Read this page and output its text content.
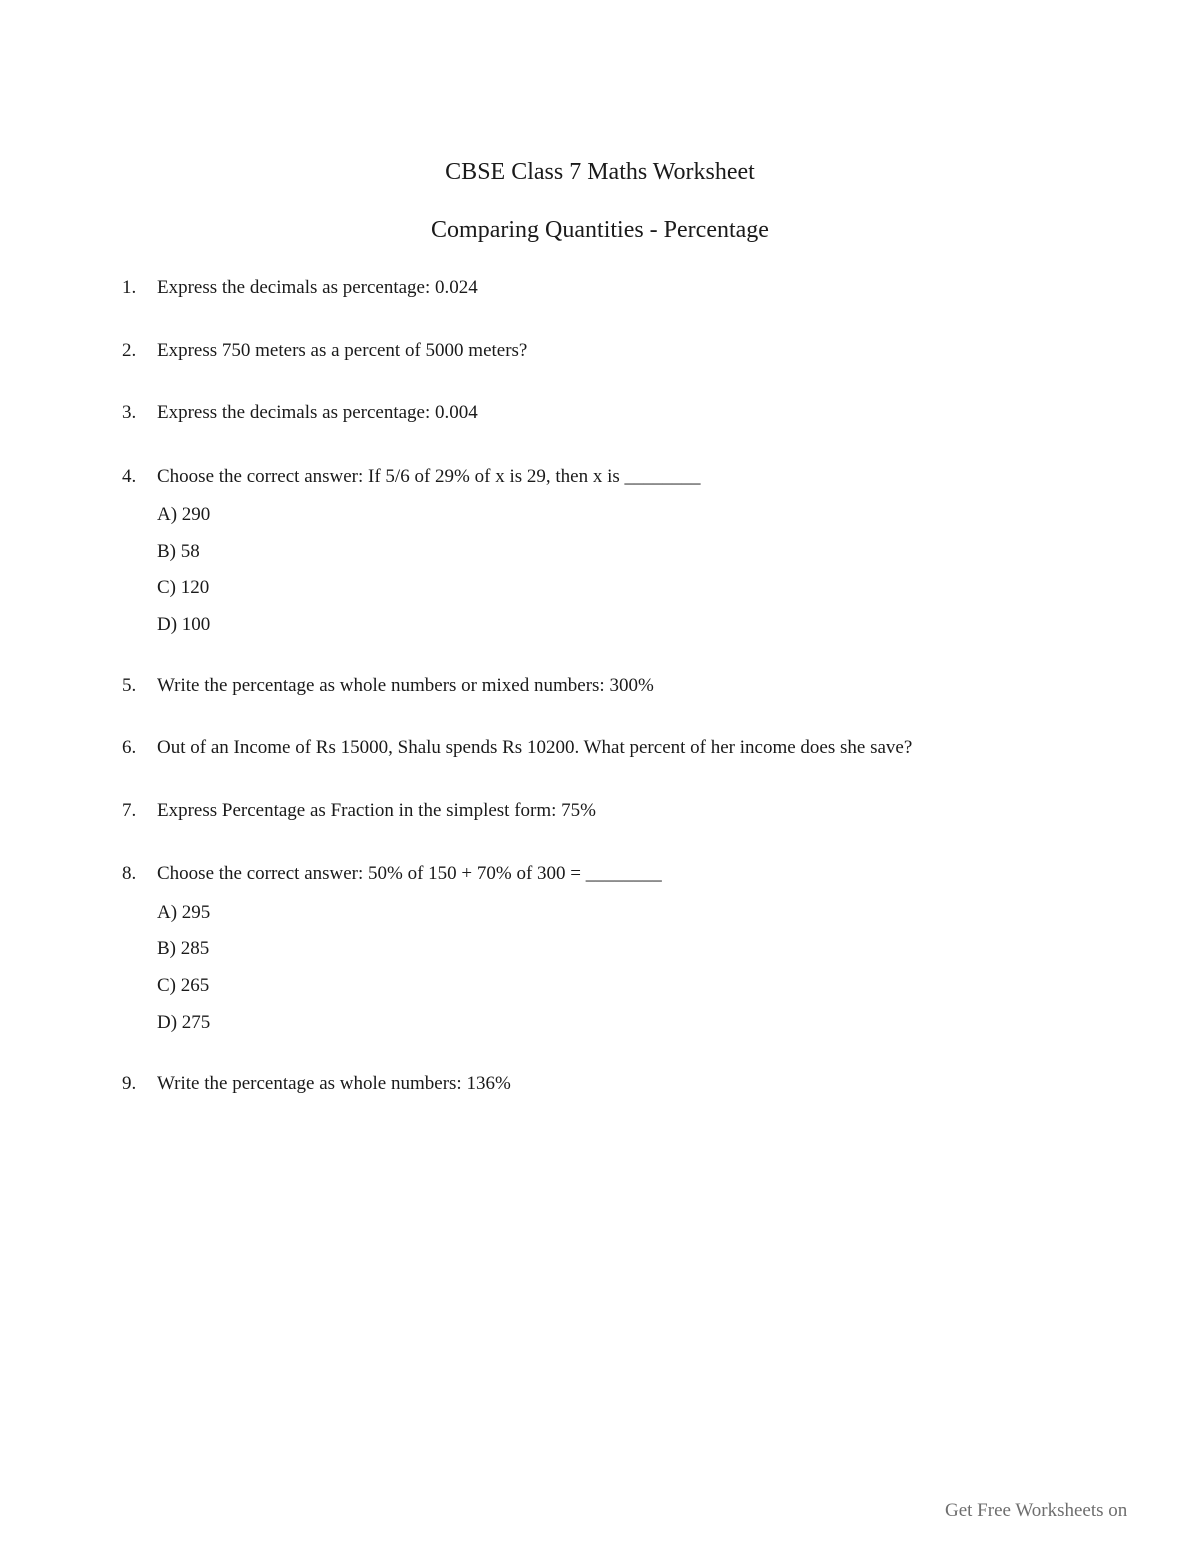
CBSE Class 7 Maths Worksheet
Comparing Quantities - Percentage
1. Express the decimals as percentage: 0.024
2. Express 750 meters as a percent of 5000 meters?
3. Express the decimals as percentage: 0.004
4. Choose the correct answer: If 5/6 of 29% of x is 29, then x is ________
A) 290
B) 58
C) 120
D) 100
5. Write the percentage as whole numbers or mixed numbers: 300%
6. Out of an Income of Rs 15000, Shalu spends Rs 10200. What percent of her income does she save?
7. Express Percentage as Fraction in the simplest form: 75%
8. Choose the correct answer: 50% of 150 + 70% of 300 = ________
A) 295
B) 285
C) 265
D) 275
9. Write the percentage as whole numbers: 136%
Get Free Worksheets on
